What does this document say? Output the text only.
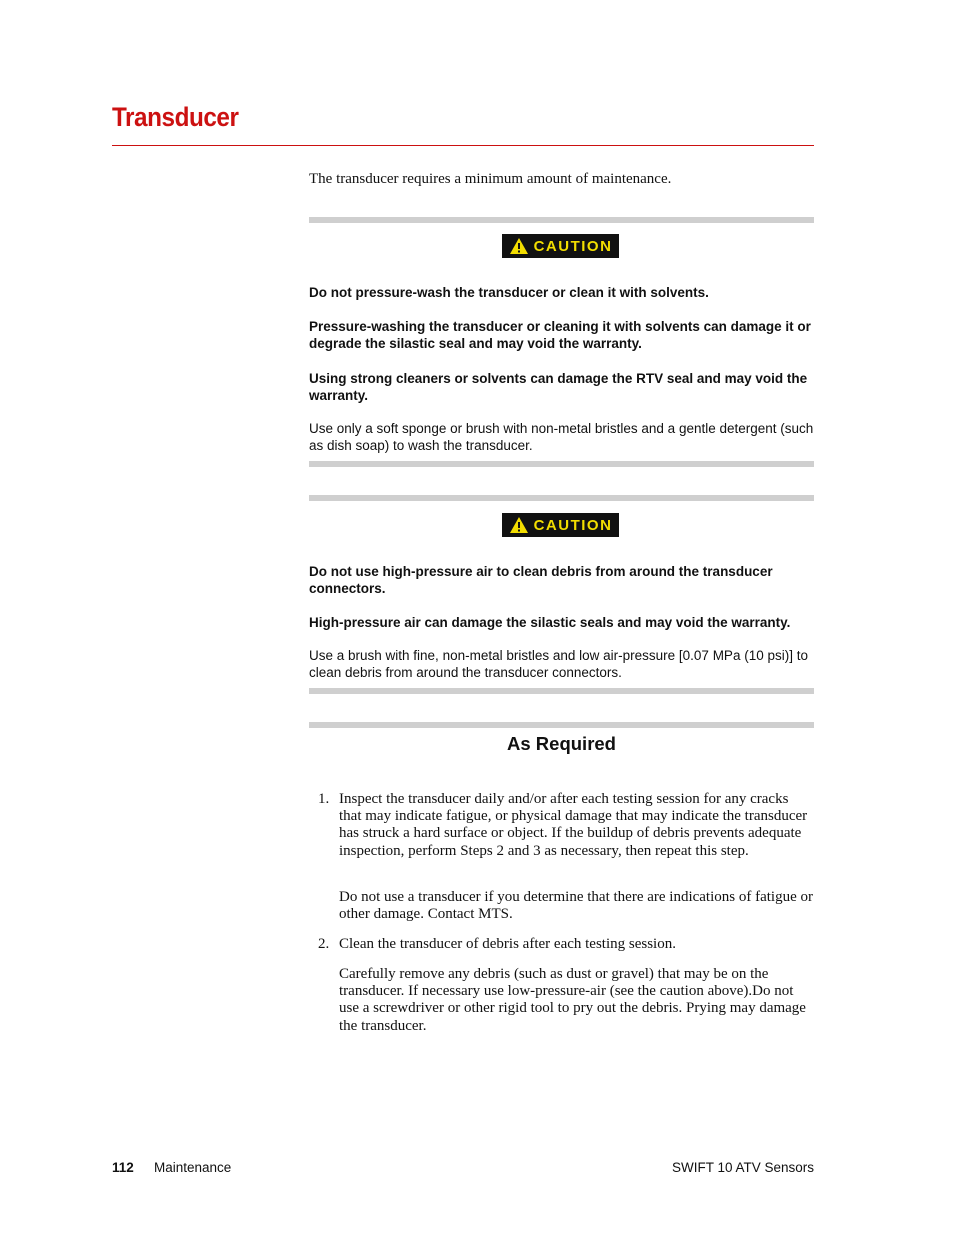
Transducer
The transducer requires a minimum amount of maintenance.
CAUTION
Do not pressure-wash the transducer or clean it with solvents.
Pressure-washing the transducer or cleaning it with solvents can damage it or degrade the silastic seal and may void the warranty.
Using strong cleaners or solvents can damage the RTV seal and may void the warranty.
Use only a soft sponge or brush with non-metal bristles and a gentle detergent (such as dish soap) to wash the transducer.
CAUTION
Do not use high-pressure air to clean debris from around the transducer connectors.
High-pressure air can damage the silastic seals and may void the warranty.
Use a brush with fine, non-metal bristles and low air-pressure [0.07 MPa (10 psi)] to clean debris from around the transducer connectors.
As Required
1. Inspect the transducer daily and/or after each testing session for any cracks that may indicate fatigue, or physical damage that may indicate the transducer has struck a hard surface or object. If the buildup of debris prevents adequate inspection, perform Steps 2 and 3 as necessary, then repeat this step.
Do not use a transducer if you determine that there are indications of fatigue or other damage. Contact MTS.
2. Clean the transducer of debris after each testing session.
Carefully remove any debris (such as dust or gravel) that may be on the transducer. If necessary use low-pressure-air (see the caution above).Do not use a screwdriver or other rigid tool to pry out the debris. Prying may damage the transducer.
112 Maintenance	SWIFT 10 ATV Sensors
